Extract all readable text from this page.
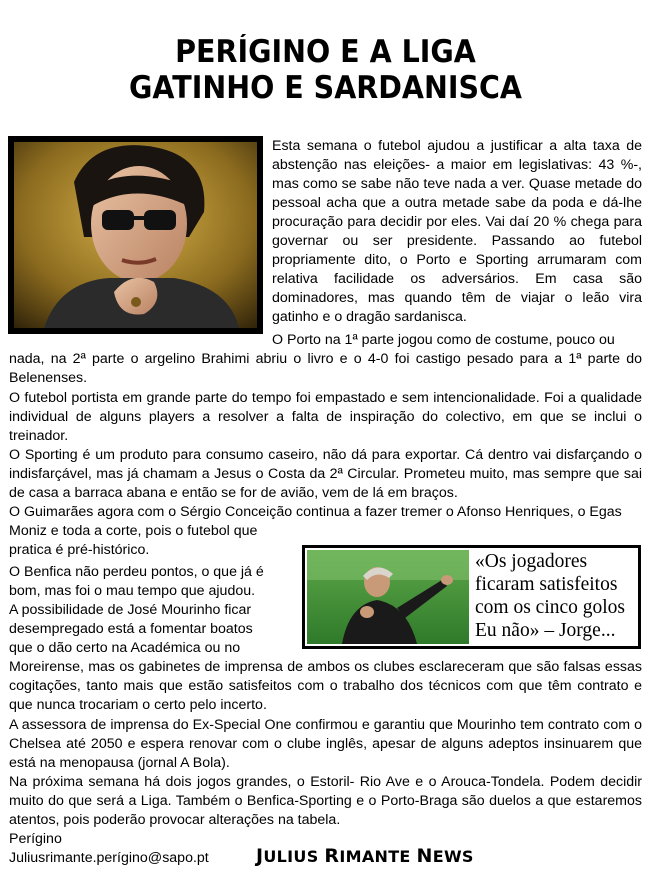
PERÍGINO E A LIGA
GATINHO E SARDANISCA

Esta semana o futebol ajudou a justificar a alta taxa de abstenção nas eleições- a maior em legislativas: 43 %-, mas como se sabe não teve nada a ver. Quase metade do pessoal acha que a outra metade sabe da poda e dá-lhe procuração para decidir por eles. Vai daí 20 % chega para governar ou ser presidente. Passando ao futebol propriamente dito, o Porto e Sporting arrumaram com relativa facilidade os adversários. Em casa são dominadores, mas quando têm de viajar o leão vira gatinho e o dragão sardanisca.

O Porto na 1ª parte jogou como de costume, pouco ou

nada, na 2ª parte o argelino Brahimi abriu o livro e o 4-0 foi castigo pesado para a 1ª parte do Belenenses.

O futebol portista em grande parte do tempo foi empastado e sem intencionalidade. Foi a qualidade individual de alguns players a resolver a falta de inspiração do colectivo, em que se inclui o treinador.

O Sporting é um produto para consumo caseiro, não dá para exportar. Cá dentro vai disfarçando o indisfarçável, mas já chamam a Jesus o Costa da 2ª Circular. Prometeu muito, mas sempre que sai de casa a barraca abana e então se for de avião, vem de lá em braços.

O Guimarães agora com o Sérgio Conceição continua a fazer tremer o Afonso Henriques, o Egas
Moniz e toda a corte, pois o futebol que
pratica é pré-histórico.
O Benfica não perdeu pontos, o que já é
bom, mas foi o mau tempo que ajudou.
A possibilidade de José Mourinho ficar
desempregado está a fomentar boatos
que o dão certo na Académica ou no

Moreirense, mas os gabinetes de imprensa de ambos os clubes esclareceram que são falsas essas cogitações, tanto mais que estão satisfeitos com o trabalho dos técnicos com que têm contrato e que nunca trocariam o certo pelo incerto.

A assessora de imprensa do Ex-Special One confirmou e garantiu que Mourinho tem contrato com o Chelsea até 2050 e espera renovar com o clube inglês, apesar de alguns adeptos insinuarem que está na menopausa (jornal A Bola).

Na próxima semana há dois jogos grandes, o Estoril- Rio Ave e o Arouca-Tondela. Podem decidir muito do que será a Liga. Também o Benfica-Sporting e o Porto-Braga são duelos a que estaremos atentos, pois poderão provocar alterações na tabela.

Perígino
Juliusrimante.perígino@sapo.pt
«Os jogadores
ficaram satisfeitos
com os cinco golos
Eu não» – Jorge...
JULIUS RIMANTE NEWS
